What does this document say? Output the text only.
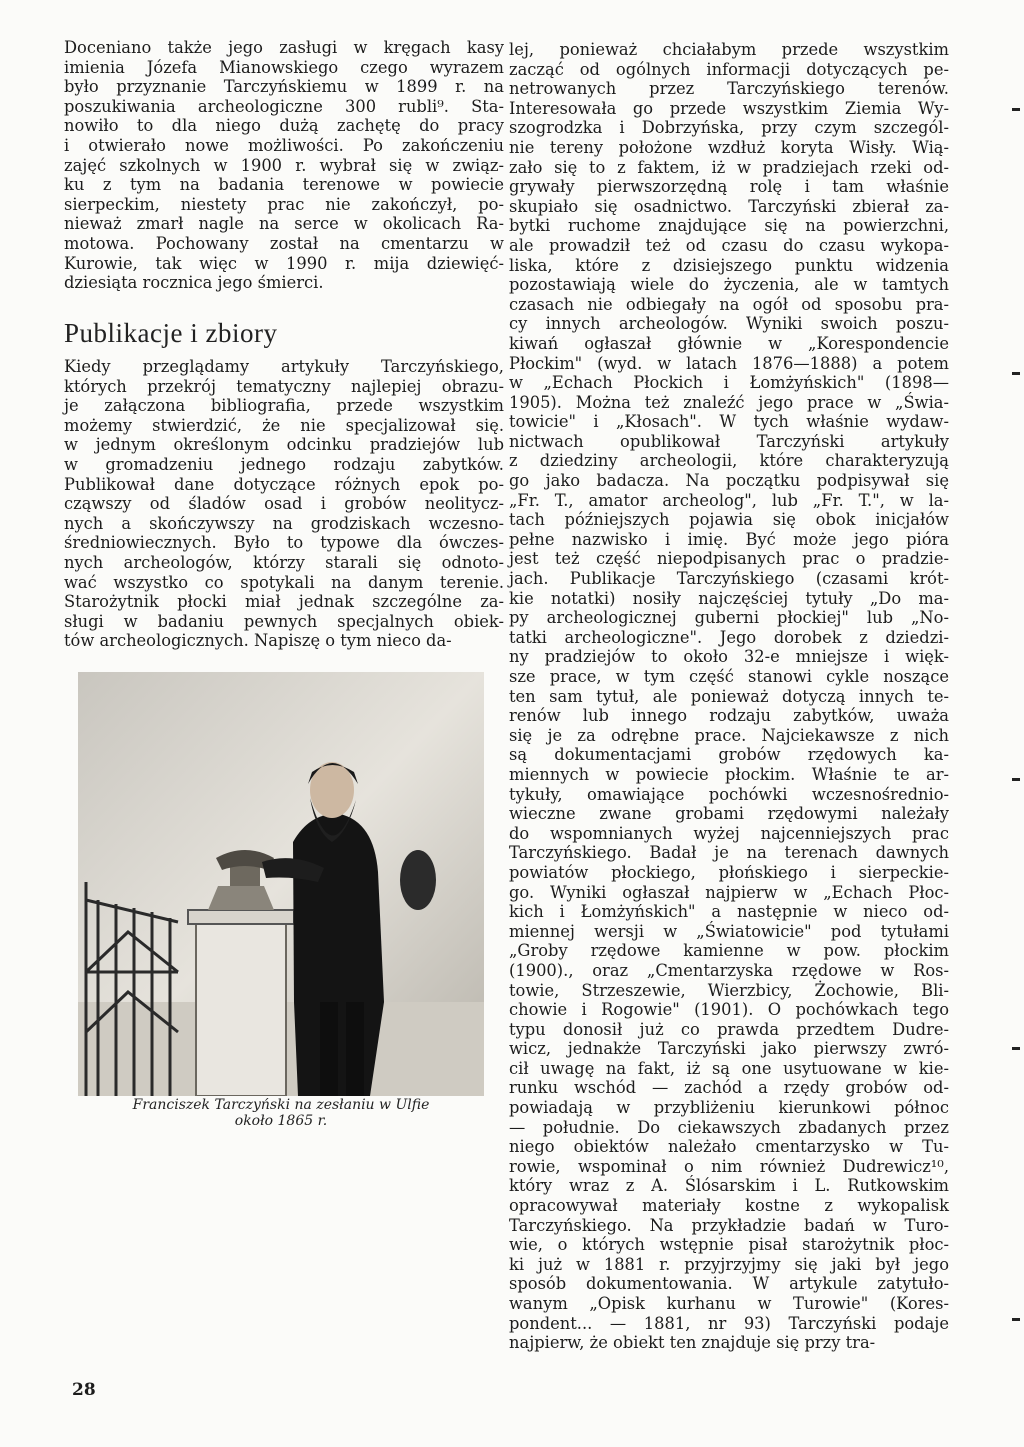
Doceniano także jego zasługi w kręgach kasy
imienia Józefa Mianowskiego czego wyrazem
było przyznanie Tarczyńskiemu w 1899 r. na
poszukiwania archeologiczne 300 rubli⁹. Sta-
nowiło to dla niego dużą zachętę do pracy
i otwierało nowe możliwości. Po zakończeniu
zajęć szkolnych w 1900 r. wybrał się w związ-
ku z tym na badania terenowe w powiecie
sierpeckim, niestety prac nie zakończył, po-
nieważ zmarł nagle na serce w okolicach Ra-
motowa. Pochowany został na cmentarzu w
Kurowie, tak więc w 1990 r. mija dziewięć-
dziesiąta rocznica jego śmierci.
Publikacje i zbiory
Kiedy przeglądamy artykuły Tarczyńskiego,
których przekrój tematyczny najlepiej obrazu-
je załączona bibliografia, przede wszystkim
możemy stwierdzić, że nie specjalizował się.
w jednym określonym odcinku pradziejów lub
w gromadzeniu jednego rodzaju zabytków.
Publikował dane dotyczące różnych epok po-
cząwszy od śladów osad i grobów neolitycz-
nych a skończywszy na grodziskach wczesno-
średniowiecznych. Było to typowe dla ówczes-
nych archeologów, którzy starali się odnoto-
wać wszystko co spotykali na danym terenie.
Starożytnik płocki miał jednak szczególne za-
sługi w badaniu pewnych specjalnych obiek-
tów archeologicznych. Napiszę o tym nieco da-
Franciszek Tarczyński na zesłaniu w Ulfie
około 1865 r.
lej, ponieważ chciałabym przede wszystkim
zacząć od ogólnych informacji dotyczących pe-
netrowanych przez Tarczyńskiego terenów.
Interesowała go przede wszystkim Ziemia Wy-
szogrodzka i Dobrzyńska, przy czym szczegól-
nie tereny położone wzdłuż koryta Wisły. Wią-
zało się to z faktem, iż w pradziejach rzeki od-
grywały pierwszorzędną rolę i tam właśnie
skupiało się osadnictwo. Tarczyński zbierał za-
bytki ruchome znajdujące się na powierzchni,
ale prowadził też od czasu do czasu wykopa-
liska, które z dzisiejszego punktu widzenia
pozostawiają wiele do życzenia, ale w tamtych
czasach nie odbiegały na ogół od sposobu pra-
cy innych archeologów. Wyniki swoich poszu-
kiwań ogłaszał głównie w „Korespondencie
Płockim" (wyd. w latach 1876—1888) a potem
w „Echach Płockich i Łomżyńskich" (1898—
1905). Można też znaleźć jego prace w „Świa-
towicie" i „Kłosach". W tych właśnie wydaw-
nictwach opublikował Tarczyński artykuły
z dziedziny archeologii, które charakteryzują
go jako badacza. Na początku podpisywał się
„Fr. T., amator archeolog", lub „Fr. T.", w la-
tach późniejszych pojawia się obok inicjałów
pełne nazwisko i imię. Być może jego pióra
jest też część niepodpisanych prac o pradzie-
jach. Publikacje Tarczyńskiego (czasami krót-
kie notatki) nosiły najczęściej tytuły „Do ma-
py archeologicznej guberni płockiej" lub „No-
tatki archeologiczne". Jego dorobek z dziedzi-
ny pradziejów to około 32-e mniejsze i więk-
sze prace, w tym część stanowi cykle noszące
ten sam tytuł, ale ponieważ dotyczą innych te-
renów lub innego rodzaju zabytków, uważa
się je za odrębne prace. Najciekawsze z nich
są dokumentacjami grobów rzędowych ka-
miennych w powiecie płockim. Właśnie te ar-
tykuły, omawiające pochówki wczesnośrednio-
wieczne zwane grobami rzędowymi należały
do wspomnianych wyżej najcenniejszych prac
Tarczyńskiego. Badał je na terenach dawnych
powiatów płockiego, płońskiego i sierpeckie-
go. Wyniki ogłaszał najpierw w „Echach Płoc-
kich i Łomżyńskich" a następnie w nieco od-
miennej wersji w „Światowicie" pod tytułami
„Groby rzędowe kamienne w pow. płockim
(1900)., oraz „Cmentarzyska rzędowe w Ros-
towie, Strzeszewie, Wierzbicy, Żochowie, Bli-
chowie i Rogowie" (1901). O pochówkach tego
typu donosił już co prawda przedtem Dudre-
wicz, jednakże Tarczyński jako pierwszy zwró-
cił uwagę na fakt, iż są one usytuowane w kie-
runku wschód — zachód a rzędy grobów od-
powiadają w przybliżeniu kierunkowi północ
— południe. Do ciekawszych zbadanych przez
niego obiektów należało cmentarzysko w Tu-
rowie, wspominał o nim również Dudrewicz¹⁰,
który wraz z A. Ślósarskim i L. Rutkowskim
opracowywał materiały kostne z wykopalisk
Tarczyńskiego. Na przykładzie badań w Turo-
wie, o których wstępnie pisał starożytnik płoc-
ki już w 1881 r. przyjrzyjmy się jaki był jego
sposób dokumentowania. W artykule zatytuło-
wanym „Opisk kurhanu w Turowie" (Kores-
pondent... — 1881, nr 93) Tarczyński podaje
najpierw, że obiekt ten znajduje się przy tra-
28
